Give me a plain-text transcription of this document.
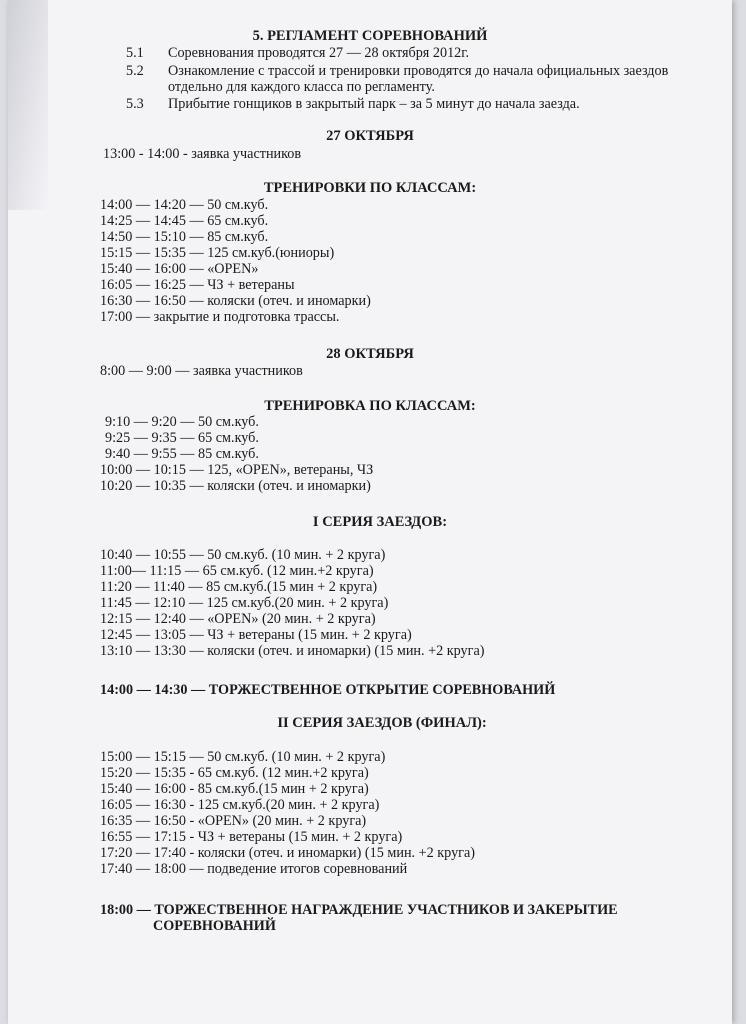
5. РЕГЛАМЕНТ СОРЕВНОВАНИЙ
5.1	Соревнования проводятся 27 — 28 октября 2012г.
5.2	Ознакомление с трассой и тренировки проводятся до начала официальных заездов
отдельно для каждого класса по регламенту.
5.3	Прибытие гонщиков в закрытый парк – за 5 минут до начала заезда.
27 ОКТЯБРЯ
13:00 - 14:00 - заявка участников
ТРЕНИРОВКИ ПО КЛАССАМ:
14:00 — 14:20 — 50 см.куб.
14:25 — 14:45 — 65 см.куб.
14:50 — 15:10 — 85 см.куб.
15:15 — 15:35 — 125 см.куб.(юниоры)
15:40 — 16:00 — «OPEN»
16:05 — 16:25 — ЧЗ + ветераны
16:30 — 16:50 — коляски (отеч. и иномарки)
17:00 — закрытие и подготовка трассы.
28 ОКТЯБРЯ
8:00 — 9:00 — заявка участников
ТРЕНИРОВКА ПО КЛАССАМ:
9:10 — 9:20 — 50 см.куб.
9:25 — 9:35 — 65 см.куб.
9:40 — 9:55 — 85 см.куб.
10:00 — 10:15 — 125, «OPEN», ветераны, ЧЗ
10:20 — 10:35 — коляски (отеч. и иномарки)
I СЕРИЯ ЗАЕЗДОВ:
10:40 — 10:55 — 50 см.куб. (10 мин. + 2 круга)
11:00— 11:15 — 65 см.куб. (12 мин.+2 круга)
11:20 — 11:40 — 85 см.куб.(15 мин + 2 круга)
11:45 — 12:10 — 125 см.куб.(20 мин. + 2 круга)
12:15 — 12:40 — «OPEN» (20 мин. + 2 круга)
12:45 — 13:05 — ЧЗ + ветераны (15 мин. + 2 круга)
13:10 — 13:30 — коляски (отеч. и иномарки) (15 мин. +2 круга)
14:00 — 14:30 — ТОРЖЕСТВЕННОЕ ОТКРЫТИЕ СОРЕВНОВАНИЙ
II СЕРИЯ ЗАЕЗДОВ (ФИНАЛ):
15:00 — 15:15 — 50 см.куб. (10 мин. + 2 круга)
15:20 — 15:35 - 65 см.куб. (12 мин.+2 круга)
15:40 — 16:00 - 85 см.куб.(15 мин + 2 круга)
16:05 — 16:30 - 125 см.куб.(20 мин. + 2 круга)
16:35 — 16:50 - «OPEN» (20 мин. + 2 круга)
16:55 — 17:15 - ЧЗ + ветераны (15 мин. + 2 круга)
17:20 — 17:40 - коляски (отеч. и иномарки) (15 мин. +2 круга)
17:40 — 18:00 — подведение итогов соревнований
18:00 — ТОРЖЕСТВЕННОЕ НАГРАЖДЕНИЕ УЧАСТНИКОВ И ЗАКЕРЫТИЕ
СОРЕВНОВАНИЙ
